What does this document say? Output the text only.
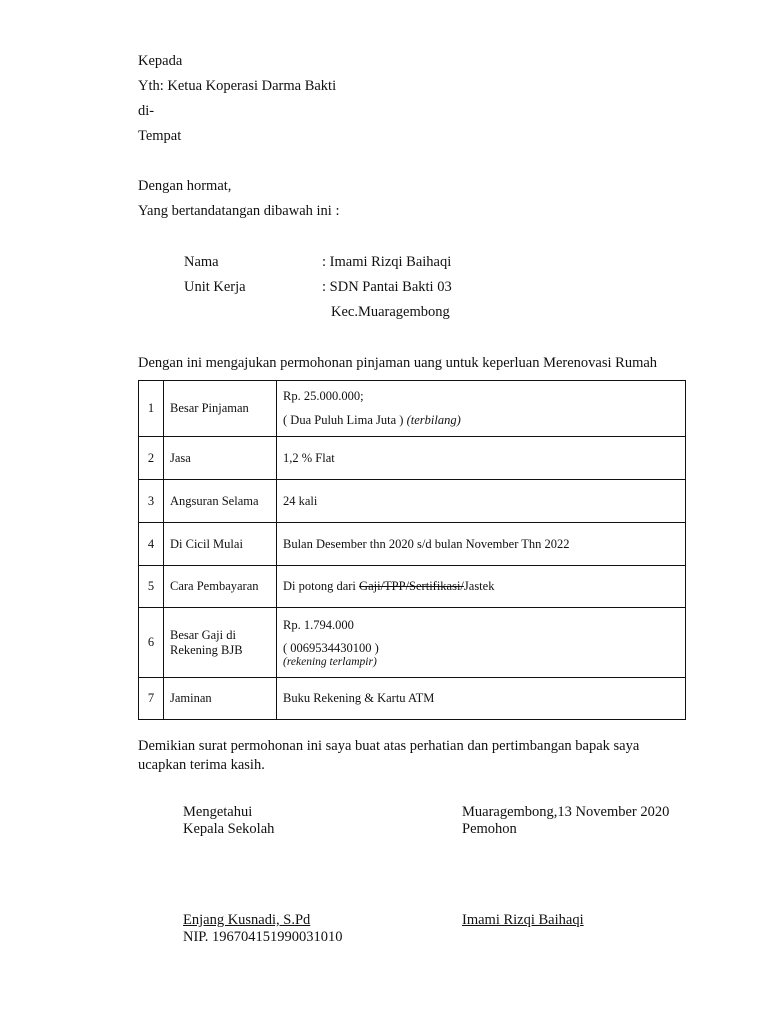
Kepada
Yth: Ketua Koperasi Darma Bakti
di-
Tempat
Dengan hormat,
Yang bertandatangan dibawah ini :
Nama	: Imami Rizqi Baihaqi
Unit Kerja	: SDN Pantai Bakti 03
Kec.Muaragembong
Dengan ini mengajukan permohonan pinjaman uang untuk keperluan Merenovasi Rumah
1	Besar Pinjaman	Rp. 25.000.000;
( Dua Puluh Lima Juta ) (terbilang)

2	Jasa	1,2 % Flat
3	Angsuran Selama	24 kali
4	Di Cicil Mulai	Bulan Desember thn 2020 s/d bulan November Thn 2022
5	Cara Pembayaran	Di potong dari Gaji/TPP/Sertifikasi/Jastek
6	Besar Gaji di
Rekening BJB	Rp. 1.794.000
( 0069534430100 )
(rekening terlampir)

7	Jaminan	Buku Rekening & Kartu ATM
Demikian surat permohonan ini saya buat atas perhatian dan pertimbangan bapak saya
ucapkan terima kasih.
Mengetahui
Kepala Sekolah
Muaragembong,13 November 2020
Pemohon
Enjang Kusnadi, S.Pd
NIP. 196704151990031010
Imami Rizqi Baihaqi
